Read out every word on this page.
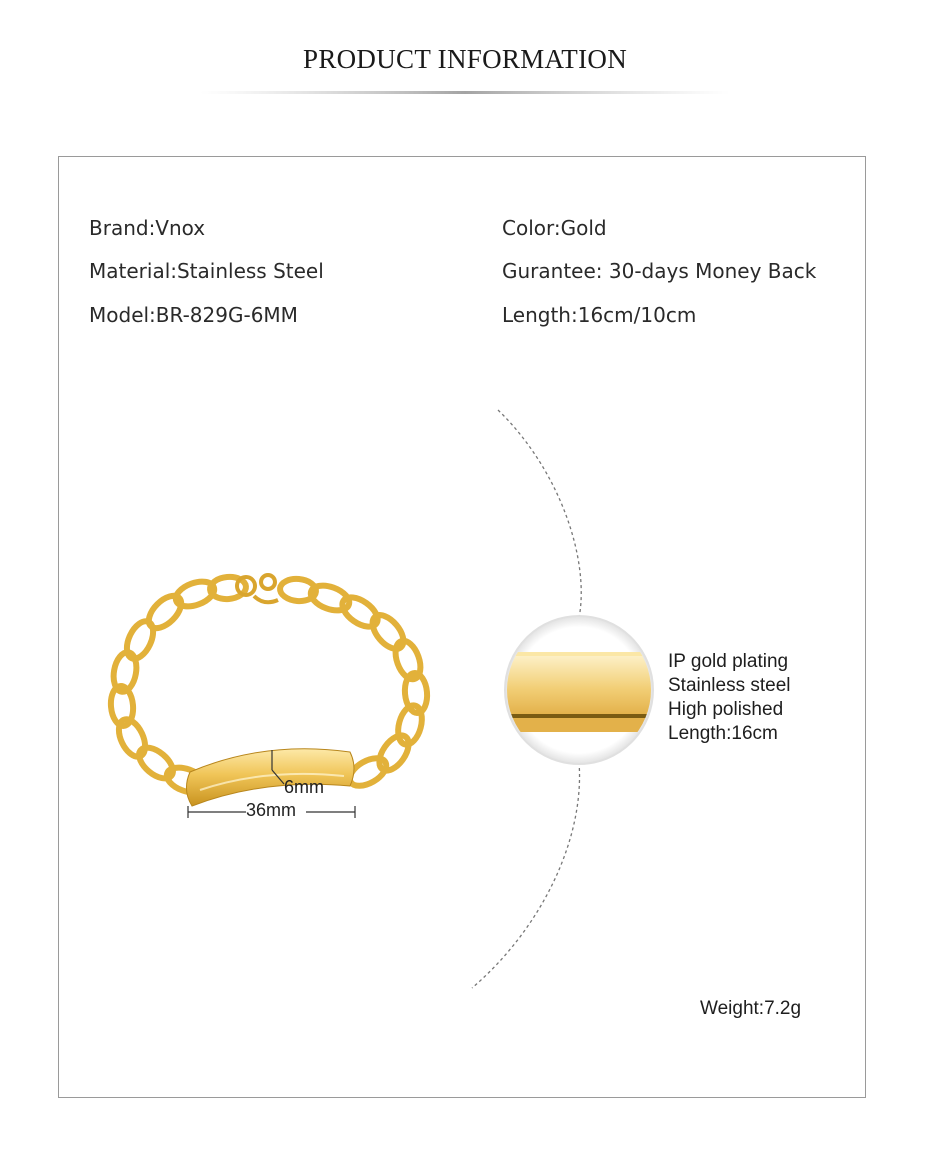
PRODUCT INFORMATION
Brand:Vnox
Material:Stainless Steel
Model:BR-829G-6MM
Color:Gold
Gurantee: 30-days Money Back
Length:16cm/10cm
6mm
36mm
IP gold plating
Stainless steel
High polished
Length:16cm
Weight:7.2g
